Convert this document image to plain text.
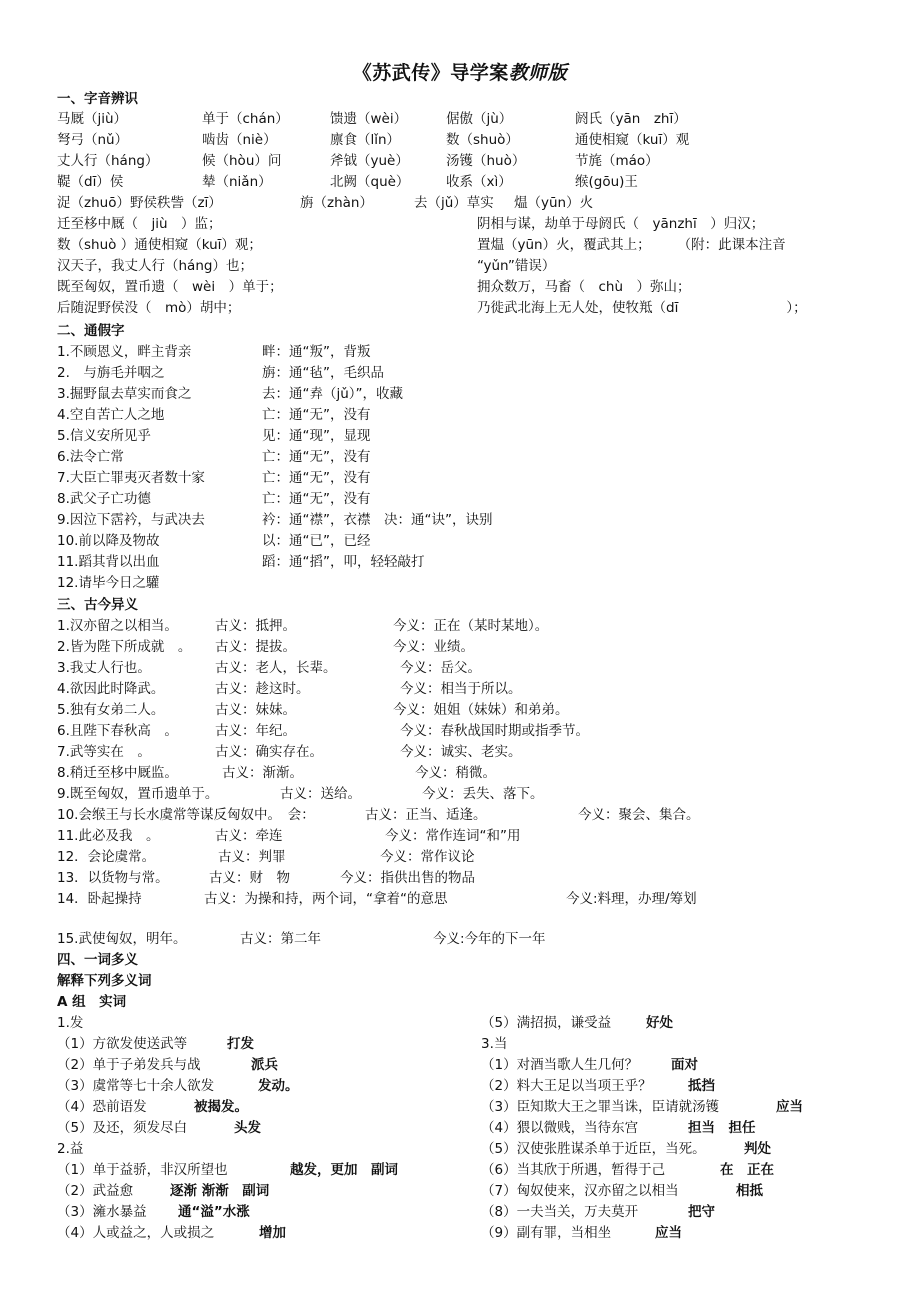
《苏武传》导学案教师版
一、字音辨识
马厩（jiù）	单于（chán）	馈遗（wèi）	倨傲（jù）	阏氏（yān　zhī）
弩弓（nǔ）	啮齿（niè）	廪食（lǐn）	数（shuò）	通使相窥（kuī）观
丈人行（háng）	候（hòu）问	斧钺（yuè）	汤镬（huò）	节旄（máo）
鞮（dī）侯	辇（niǎn）	北阙（què）	收系（xì）	缑(gōu)王
浞（zhuō）野侯秩訾（zī）	旃（zhàn）	去（jǔ）草实 煴（yūn）火
迁至栘中厩（　jiù　）监；
数（shuò ）通使相窥（kuī）观；
汉天子，我丈人行（háng）也；
既至匈奴，置币遗（　wèi　）单于；
后随浞野侯没（　mò）胡中；
阴相与谋，劫单于母阏氏（　yānzhī　）归汉；
置煴（yūn）火，覆武其上；　　　（附：此课本注音
“yǔn”错误）
拥众数万，马畜（　chù　）弥山；
乃徙武北海上无人处，使牧羝（dī　　　　　　　　）；
二、通假字
1.不顾恩义，畔主背亲	畔：通“叛”，背叛
2.　与旃毛并咽之	旃：通“毡”，毛织品
3.掘野鼠去草实而食之	去：通“弆（jǔ）”，收藏
4.空自苦亡人之地	亡：通“无”，没有
5.信义安所见乎	见：通“现”，显现
6.法令亡常	亡：通“无”，没有
7.大臣亡罪夷灭者数十家	亡：通“无”，没有
8.武父子亡功德	亡：通“无”，没有
9.因泣下霑衿，与武决去	衿：通“襟”，衣襟　决：通“诀”，诀别
10.前以降及物故	以：通“已”，已经
11.蹈其背以出血	蹈：通“搯”，叩，轻轻敲打
12.请毕今日之驩
三、古今异义
1.汉亦留之以相当。	古义：抵押。	今义：正在（某时某地）。
2.皆为陛下所成就　。 古义：提拔。	今义：业绩。
3.我丈人行也。	古义：老人，长辈。	今义：岳父。
4.欲因此时降武。	古义：趁这时。	今义：相当于所以。
5.独有女弟二人。	古义：妹妹。	今义：姐姐（妹妹）和弟弟。
6.且陛下春秋高　。	古义：年纪。	今义：春秋战国时期或指季节。
7.武等实在　。	古义：确实存在。	今义：诚实、老实。
8.稍迁至栘中厩监。	古义：渐渐。	今义：稍微。
9.既至匈奴，置币遗单于。	古义：送给。	今义：丢失、落下。
10.会缑王与长水虞常等谋反匈奴中。　会：	古义：正当、适逢。	今义：聚会、集合。
11.此必及我　。	古义：牵连	今义：常作连词“和”用
12．会论虞常。	古义：判罪	今义：常作议论
13．以货物与常。	古义：财　物	今义：指供出售的物品
14．卧起操持	古义：为操和持，两个词，“拿着“的意思	今义:料理，办理/筹划
15.武使匈奴，明年。	古义：第二年	今义:今年的下一年
四、一词多义
解释下列多义词
A 组　实词
1.发
（1）方欲发使送武等	打发
（2）单于子弟发兵与战	派兵
（3）虞常等七十余人欲发	发动。
（4）恐前语发	被揭发。
（5）及还，须发尽白	头发
2.益
（1）单于益骄，非汉所望也	越发，更加　副词
（2）武益愈	逐渐 渐渐　副词
（3）澭水暴益 通“溢”水涨
（4）人或益之，人或损之	增加
（5）满招损，谦受益	好处
3.当
（1）对酒当歌人生几何？ 面对
（2）料大王足以当项王乎？	抵挡
（3）臣知欺大王之罪当诛，臣请就汤镬	应当
（4）猥以微贱，当待东宫	担当　担任
（5）汉使张胜谋杀单于近臣，当死。	判处
（6）当其欣于所遇，暂得于己	在　正在
（7）匈奴使来，汉亦留之以相当	相抵
（8）一夫当关，万夫莫开	把守
（9）副有罪，当相坐	应当
